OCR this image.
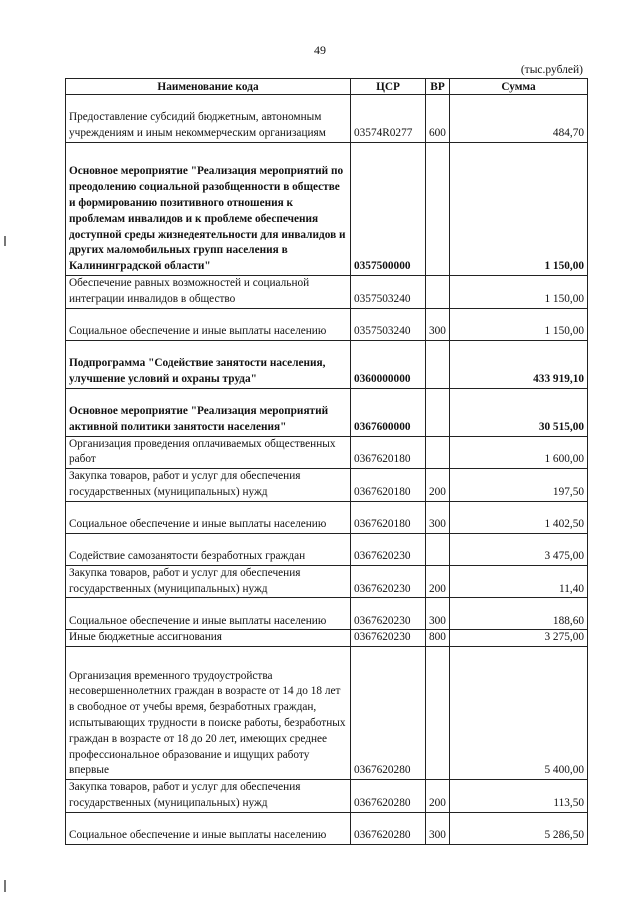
49
(тыс.рублей)
Наименование кода	ЦСР	ВР	Сумма
Предоставление субсидий бюджетным, автономным учреждениям и иным некоммерческим организациям	03574R0277	600	484,70
Основное мероприятие "Реализация мероприятий по преодолению социальной разобщенности в обществе и формированию позитивного отношения к проблемам инвалидов и к проблеме обеспечения доступной среды жизнедеятельности для инвалидов и других маломобильных групп населения в Калининградской области"	0357500000		1 150,00
Обеспечение равных возможностей и социальной интеграции инвалидов в общество	0357503240		1 150,00
Социальное обеспечение и иные выплаты населению	0357503240	300	1 150,00
Подпрограмма "Содействие занятости населения, улучшение условий и охраны труда"	0360000000		433 919,10
Основное мероприятие "Реализация мероприятий активной политики занятости населения"	0367600000		30 515,00
Организация проведения оплачиваемых общественных работ	0367620180		1 600,00
Закупка товаров, работ и услуг для обеспечения государственных (муниципальных) нужд	0367620180	200	197,50
Социальное обеспечение и иные выплаты населению	0367620180	300	1 402,50
Содействие самозанятости безработных граждан	0367620230		3 475,00
Закупка товаров, работ и услуг для обеспечения государственных (муниципальных) нужд	0367620230	200	11,40
Социальное обеспечение и иные выплаты населению	0367620230	300	188,60
Иные бюджетные ассигнования	0367620230	800	3 275,00
Организация временного трудоустройства несовершеннолетних граждан в возрасте от 14 до 18 лет в свободное от учебы время, безработных граждан, испытывающих трудности в поиске работы, безработных граждан в возрасте от 18 до 20 лет, имеющих среднее профессиональное образование и ищущих работу впервые	0367620280		5 400,00
Закупка товаров, работ и услуг для обеспечения государственных (муниципальных) нужд	0367620280	200	113,50
Социальное обеспечение и иные выплаты населению	0367620280	300	5 286,50
